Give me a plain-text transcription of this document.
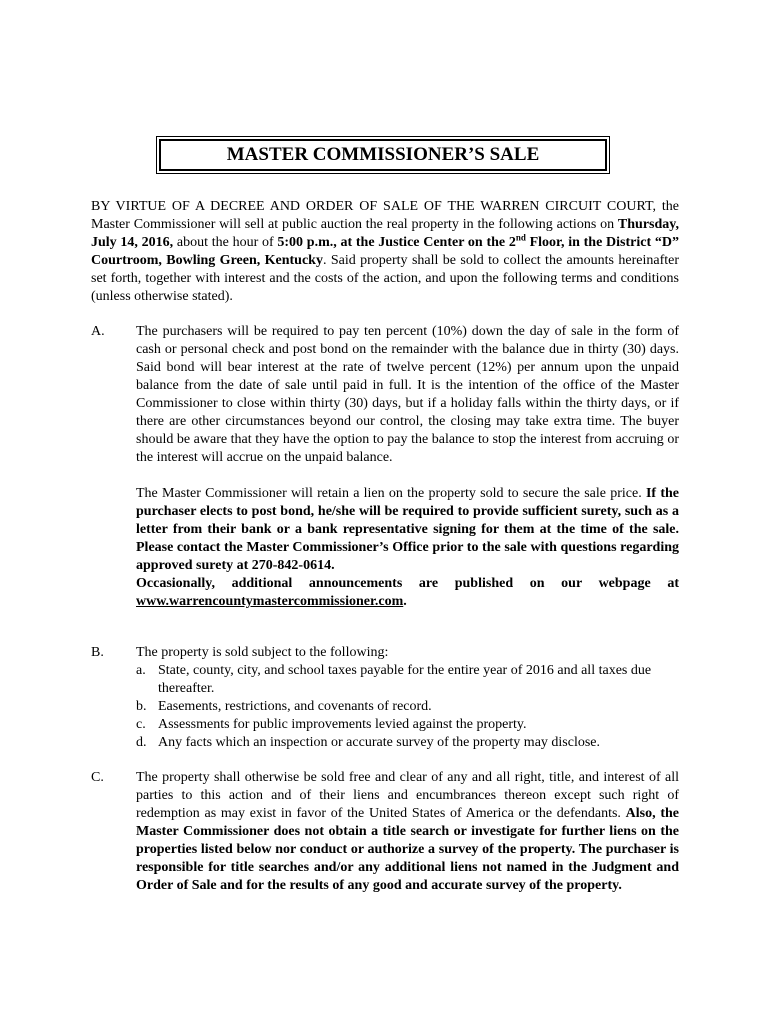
MASTER COMMISSIONER’S SALE
BY VIRTUE OF A DECREE AND ORDER OF SALE OF THE WARREN CIRCUIT COURT, the Master Commissioner will sell at public auction the real property in the following actions on Thursday, July 14, 2016, about the hour of 5:00 p.m., at the Justice Center on the 2nd Floor, in the District “D” Courtroom, Bowling Green, Kentucky. Said property shall be sold to collect the amounts hereinafter set forth, together with interest and the costs of the action, and upon the following terms and conditions (unless otherwise stated).
A. The purchasers will be required to pay ten percent (10%) down the day of sale in the form of cash or personal check and post bond on the remainder with the balance due in thirty (30) days. Said bond will bear interest at the rate of twelve percent (12%) per annum upon the unpaid balance from the date of sale until paid in full. It is the intention of the office of the Master Commissioner to close within thirty (30) days, but if a holiday falls within the thirty days, or if there are other circumstances beyond our control, the closing may take extra time. The buyer should be aware that they have the option to pay the balance to stop the interest from accruing or the interest will accrue on the unpaid balance.
The Master Commissioner will retain a lien on the property sold to secure the sale price. If the purchaser elects to post bond, he/she will be required to provide sufficient surety, such as a letter from their bank or a bank representative signing for them at the time of the sale. Please contact the Master Commissioner’s Office prior to the sale with questions regarding approved surety at 270-842-0614.
Occasionally, additional announcements are published on our webpage at www.warrencountymastercommissioner.com.
B. The property is sold subject to the following:
a. State, county, city, and school taxes payable for the entire year of 2016 and all taxes due thereafter.
b. Easements, restrictions, and covenants of record.
c. Assessments for public improvements levied against the property.
d. Any facts which an inspection or accurate survey of the property may disclose.
C. The property shall otherwise be sold free and clear of any and all right, title, and interest of all parties to this action and of their liens and encumbrances thereon except such right of redemption as may exist in favor of the United States of America or the defendants. Also, the Master Commissioner does not obtain a title search or investigate for further liens on the properties listed below nor conduct or authorize a survey of the property. The purchaser is responsible for title searches and/or any additional liens not named in the Judgment and Order of Sale and for the results of any good and accurate survey of the property.
